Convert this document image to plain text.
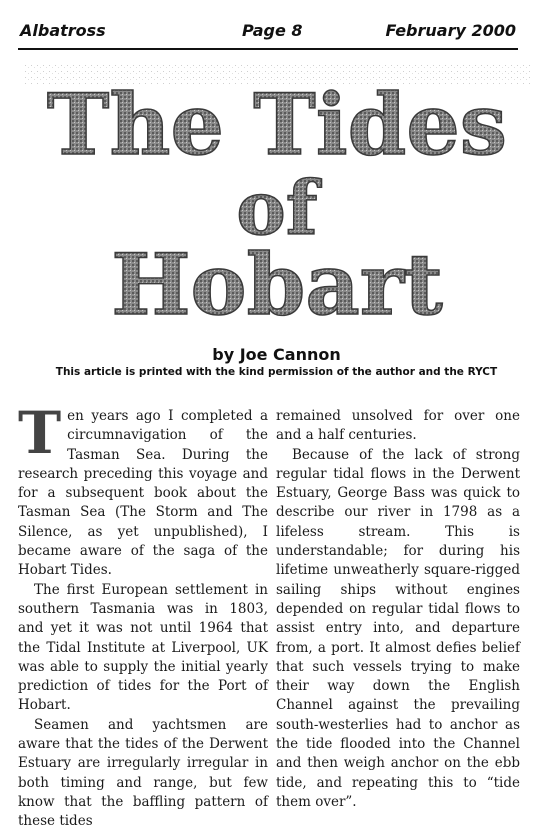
Albatross	Page 8	February 2000
The Tides
of
Hobart
by Joe Cannon
This article is printed with the kind permission of the author and the RYCT

T en years ago I completed a circumnavigation of the Tasman Sea. During the research preceding this voyage and for a subsequent book about the Tasman Sea (The Storm and The Silence, as yet unpublished), I became aware of the saga of the Hobart Tides.

The first European settlement in southern Tasmania was in 1803, and yet it was not until 1964 that the Tidal Institute at Liverpool, UK was able to supply the initial yearly prediction of tides for the Port of Hobart.

Seamen and yachtsmen are aware that the tides of the Derwent Estuary are irregularly irregular in both timing and range, but few know that the baffling pattern of these tides

remained unsolved for over one and a half centuries.

Because of the lack of strong regular tidal flows in the Derwent Estuary, George Bass was quick to describe our river in 1798 as a lifeless stream. This is understandable; for during his lifetime unweatherly square-rigged sailing ships without engines depended on regular tidal flows to assist entry into, and departure from, a port. It almost defies belief that such vessels trying to make their way down the English Channel against the prevailing south-westerlies had to anchor as the tide flooded into the Channel and then weigh anchor on the ebb tide, and repeating this to “tide them over”.
